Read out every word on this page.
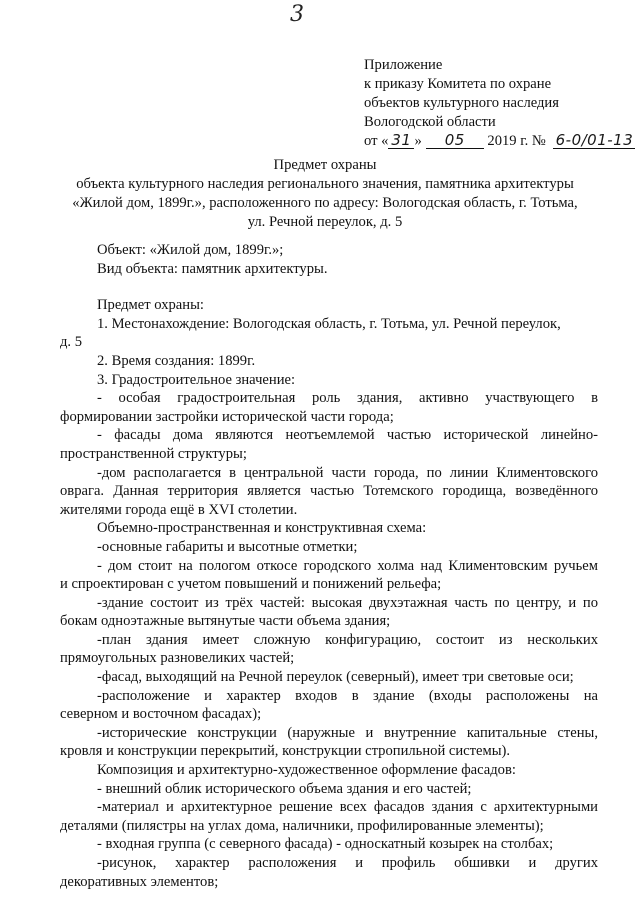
3
Приложение
к приказу Комитета по охране
объектов культурного наследия
Вологодской области
от « 31 » 05 2019 г. № 6-0/01-13
Предмет охраны
объекта культурного наследия регионального значения, памятника архитектуры
«Жилой дом, 1899г.», расположенного по адресу: Вологодская область, г. Тотьма,
ул. Речной переулок, д. 5

Объект: «Жилой дом, 1899г.»;

Вид объекта: памятник архитектуры.

Предмет охраны:

1. Местонахождение: Вологодская область, г. Тотьма, ул. Речной переулок,

д. 5

2. Время создания: 1899г.

3. Градостроительное значение:

- особая градостроительная роль здания, активно участвующего в

формировании застройки исторической части города;

- фасады дома являются неотъемлемой частью исторической линейно-

пространственной структуры;

-дом располагается в центральной части города, по линии Климентовского

оврага. Данная территория является частью Тотемского городища, возведённого

жителями города ещё в XVI столетии.

Объемно-пространственная и конструктивная схема:

-основные габариты и высотные отметки;

- дом стоит на пологом откосе городского холма над Климентовским ручьем

и спроектирован с учетом повышений и понижений рельефа;

-здание состоит из трёх частей: высокая двухэтажная часть по центру, и по

бокам одноэтажные вытянутые части объема здания;

-план здания имеет сложную конфигурацию, состоит из нескольких

прямоугольных разновеликих частей;

-фасад, выходящий на Речной переулок (северный), имеет три световые оси;

-расположение и характер входов в здание (входы расположены на

северном и восточном фасадах);

-исторические конструкции (наружные и внутренние капитальные стены,

кровля и конструкции перекрытий, конструкции стропильной системы).

Композиция и архитектурно-художественное оформление фасадов:

- внешний облик исторического объема здания и его частей;

-материал и архитектурное решение всех фасадов здания с архитектурными

деталями (пилястры на углах дома, наличники, профилированные элементы);

- входная группа (с северного фасада) - односкатный козырек на столбах;

-рисунок, характер расположения и профиль обшивки и других

декоративных элементов;
